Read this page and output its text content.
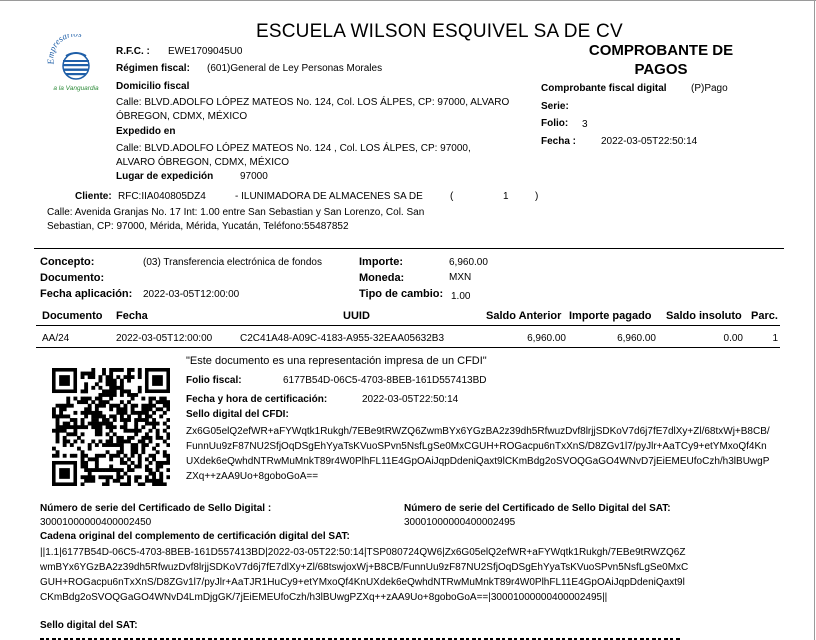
Empresar
a la Vanguardia
ESCUELA WILSON ESQUIVEL SA DE CV
COMPROBANTE DE PAGOS
R.F.C. : EWE1709045U0
Régimen fiscal: (601)General de Ley Personas Morales
Domicilio fiscal
Calle: BLVD.ADOLFO LÓPEZ MATEOS No. 124, Col. LOS ÁLPES, CP: 97000, ALVARO ÓBREGON, CDMX, MÉXICO
Expedido en
Calle: BLVD.ADOLFO LÓPEZ MATEOS No. 124 , Col. LOS ÁLPES, CP: 97000, ALVARO ÓBREGON, CDMX, MÉXICO
Lugar de expedición	97000
Comprobante fiscal digital (P)Pago
Serie:
Folio: 3
Fecha : 2022-03-05T22:50:14
Cliente: RFC:IIA040805DZ4	- ILUNIMADORA DE ALMACENES SA DE	(	1	)
Calle: Avenida Granjas No. 17 Int: 1.00 entre San Sebastian y San Lorenzo, Col. San Sebastian, CP: 97000, Mérida, Mérida, Yucatán, Teléfono:55487852
Concepto:	(03) Transferencia electrónica de fondos
Documento:
Fecha aplicación: 2022-03-05T12:00:00
Importe:	6,960.00
Moneda:	MXN
Tipo de cambio: 1.00
Documento Fecha	UUID	Saldo Anterior Importe pagado Saldo insoluto Parc.
AA/24	2022-03-05T12:00:00	C2C41A48-A09C-4183-A955-32EAA05632B3	6,960.00	6,960.00	0.00	1
"Este documento es una representación impresa de un CFDI"
Folio fiscal:	6177B54D-06C5-4703-8BEB-161D557413BD
Fecha y hora de certificación:	2022-03-05T22:50:14
Sello digital del CFDI:
Zx6G05elQ2efWR+aFYWqtk1Rukgh/7EBe9tRWZQ6ZwmBYx6YGzBA2z39dh5RfwuzDvf8lrjjSDKoV7d6j7fE7dlXy+Zl/68txWj+B8CB/FunnUu9zF87NU2SfjOqDSgEhYyaTsKVuoSPvn5NsfLgSe0MxCGUH+ROGacpu6nTxXnS/D8ZGv1l7/pyJlr+AaTCy9+etYMxoQf4KnUXdek6eQwhdNTRwMuMnkT89r4W0PlhFL11E4GpOAiJqpDdeniQaxt9lCKmBdg2oSVOQGaGO4WNvD7jEiEMEUfoCzh/h3lBUwgPZXq++zAA9Uo+8goboGoA==
Número de serie del Certificado de Sello Digital :
30001000000400002450
Número de serie del Certificado de Sello Digital del SAT:
30001000000400002495
Cadena original del complemento de certificación digital del SAT:
||1.1|6177B54D-06C5-4703-8BEB-161D557413BD|2022-03-05T22:50:14|TSP080724QW6|Zx6G05elQ2efWR+aFYWqtk1Rukgh/7EBe9tRWZQ6ZwmBYx6YGzBA2z39dh5RfwuzDvf8lrjjSDKoV7d6j7fE7dlXy+Zl/68tswjoxWj+B8CB/FunnUu9zF87NU2SfjOqDSgEhYyaTsKVuoSPvn5NsfLgSe0MxCGUH+ROGacpu6nTxXnS/D8ZGv1l7/pyJlr+AaTJR1HuCy9+etYMxoQf4KnUXdek6eQwhdNTRwMuMnkT89r4W0PlhFL11E4GpOAiJqpDdeniQaxt9lCKmBdg2oSVOQGaGO4WNvD4LmDjgGK/7jEiEMEUfoCzh/h3lBUwgPZXq++zAA9Uo+8goboGoA==|30001000000400002495||
Sello digital del SAT:
